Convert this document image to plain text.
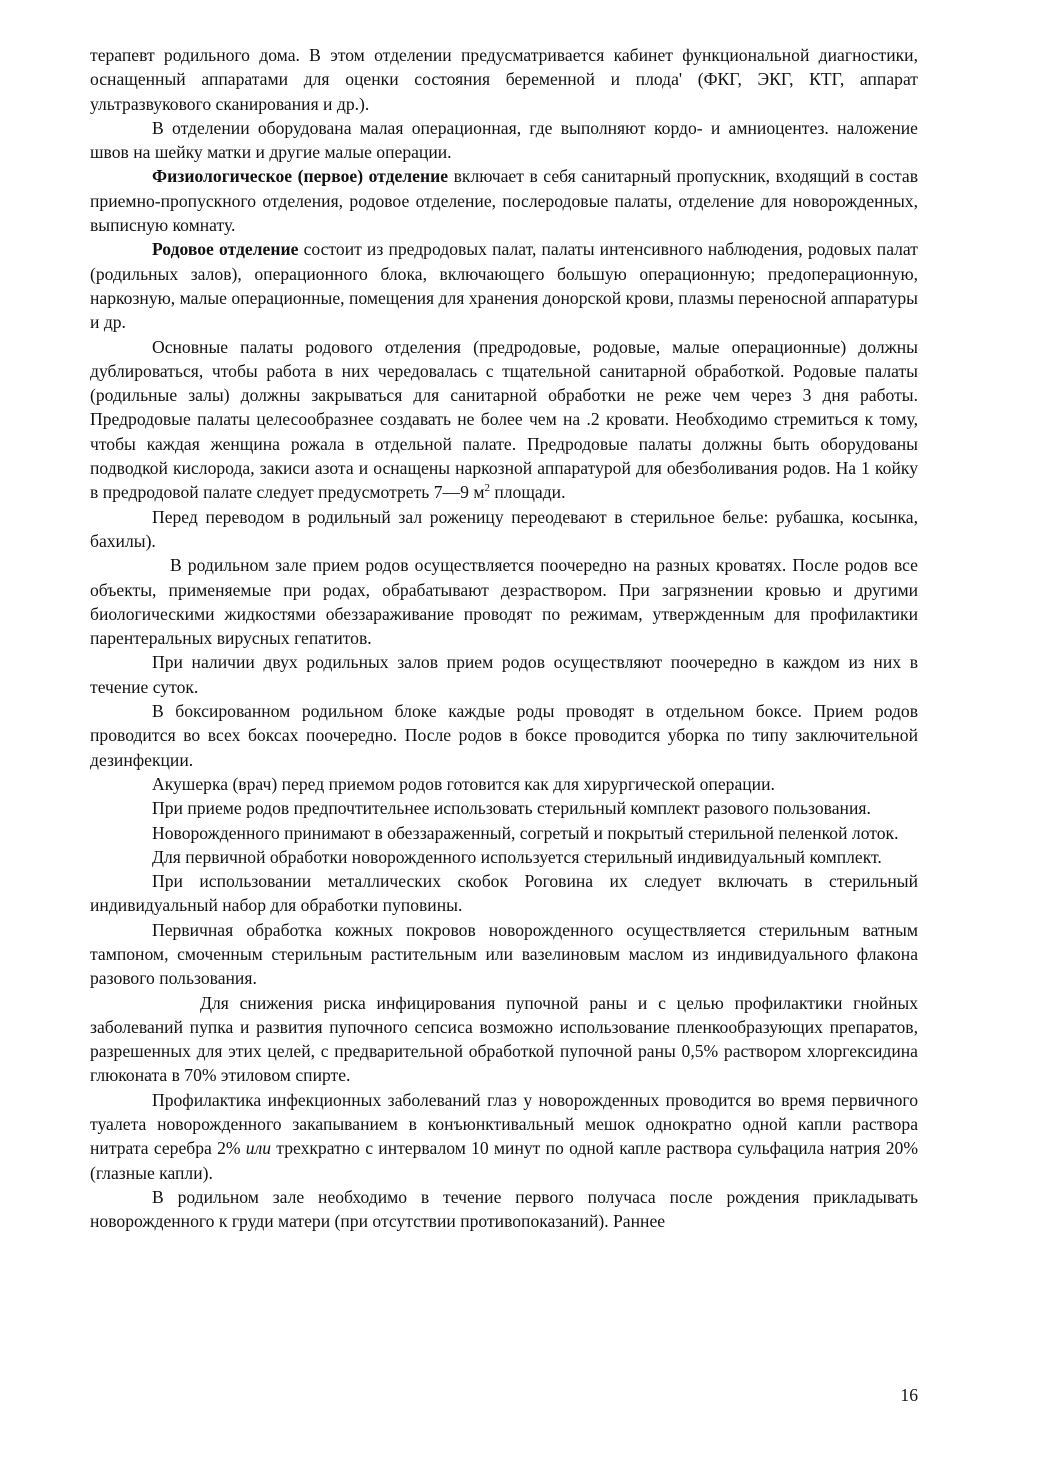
терапевт родильного дома. В этом отделении предусматривается кабинет функциональной диагностики, оснащенный аппаратами для оценки состояния беременной и плода' (ФКГ, ЭКГ, КТГ, аппарат ультразвукового сканирования и др.).

В отделении оборудована малая операционная, где выполняют кордо- и амниоцентез. наложение швов на шейку матки и другие малые операции.

Физиологическое (первое) отделение включает в себя санитарный пропускник, входящий в состав приемно-пропускного отделения, родовое отделение, послеродовые палаты, отделение для новорожденных, выписную комнату.

Родовое отделение состоит из предродовых палат, палаты интенсивного наблюдения, родовых палат (родильных залов), операционного блока, включающего большую операционную; предоперационную, наркозную, малые операционные, помещения для хранения донорской крови, плазмы переносной аппаратуры и др.

Основные палаты родового отделения (предродовые, родовые, малые операционные) должны дублироваться, чтобы работа в них чередовалась с тщательной санитарной обработкой. Родовые палаты (родильные залы) должны закрываться для санитарной обработки не реже чем через 3 дня работы. Предродовые палаты целесообразнее создавать не более чем на .2 кровати. Необходимо стремиться к тому, чтобы каждая женщина рожала в отдельной палате. Предродовые палаты должны быть оборудованы подводкой кислорода, закиси азота и оснащены наркозной аппаратурой для обезболивания родов. На 1 койку в предродовой палате следует предусмотреть 7—9 $м^2$ площади.

Перед переводом в родильный зал роженицу переодевают в стерильное белье: рубашка, косынка, бахилы).

В родильном зале прием родов осуществляется поочередно на разных кроватях. После родов все объекты, применяемые при родах, обрабатывают дезраствором. При загрязнении кровью и другими биологическими жидкостями обеззараживание проводят по режимам, утвержденным для профилактики парентеральных вирусных гепатитов.

При наличии двух родильных залов прием родов осуществляют поочередно в каждом из них в течение суток.

В боксированном родильном блоке каждые роды проводят в отдельном боксе. Прием родов проводится во всех боксах поочередно. После родов в боксе проводится уборка по типу заключительной дезинфекции.

Акушерка (врач) перед приемом родов готовится как для хирургической операции.

При приеме родов предпочтительнее использовать стерильный комплект разового пользования.

Новорожденного принимают в обеззараженный, согретый и покрытый стерильной пеленкой лоток.

Для первичной обработки новорожденного используется стерильный индивидуальный комплект.

При использовании металлических скобок Роговина их следует включать в стерильный индивидуальный набор для обработки пуповины.

Первичная обработка кожных покровов новорожденного осуществляется стерильным ватным тампоном, смоченным стерильным растительным или вазелиновым маслом из индивидуального флакона разового пользования.

Для снижения риска инфицирования пупочной раны и с целью профилактики гнойных заболеваний пупка и развития пупочного сепсиса возможно использование пленкообразующих препаратов, разрешенных для этих целей, с предварительной обработкой пупочной раны 0,5% раствором хлоргексидина глюконата в 70% этиловом спирте.

Профилактика инфекционных заболеваний глаз у новорожденных проводится во время первичного туалета новорожденного закапыванием в конъюнктивальный мешок однократно одной капли раствора нитрата серебра 2% или трехкратно с интервалом 10 минут по одной капле раствора сульфацила натрия 20% (глазные капли).

В родильном зале необходимо в течение первого получаса после рождения прикладывать новорожденного к груди матери (при отсутствии противопоказаний). Раннее

16
